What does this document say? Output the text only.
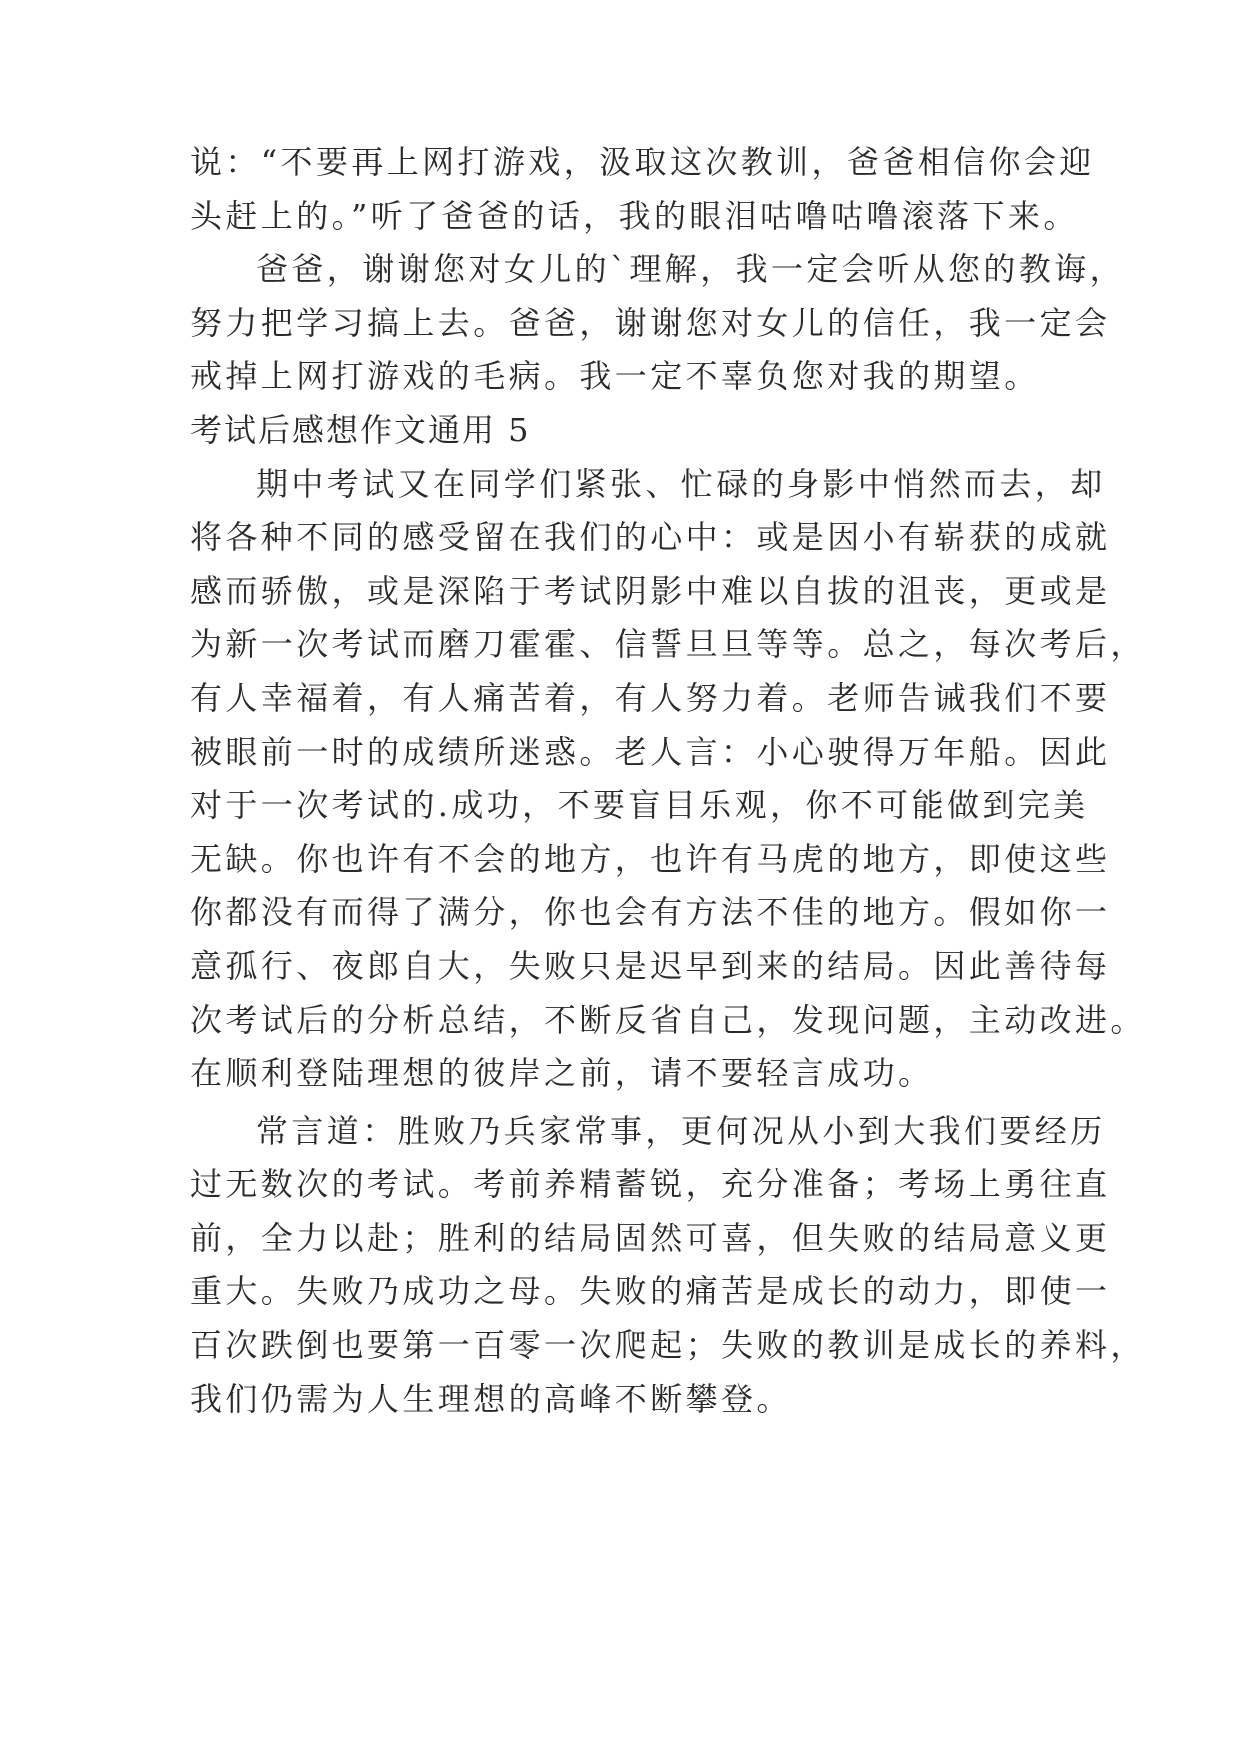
说：“不要再上网打游戏，汲取这次教训，爸爸相信你会迎
头赶上的。”听了爸爸的话，我的眼泪咕噜咕噜滚落下来。
爸爸，谢谢您对女儿的`理解，我一定会听从您的教诲，
努力把学习搞上去。爸爸，谢谢您对女儿的信任，我一定会
戒掉上网打游戏的毛病。我一定不辜负您对我的期望。
考试后感想作文通用 5
期中考试又在同学们紧张、忙碌的身影中悄然而去，却
将各种不同的感受留在我们的心中：或是因小有崭获的成就
感而骄傲，或是深陷于考试阴影中难以自拔的沮丧，更或是
为新一次考试而磨刀霍霍、信誓旦旦等等。总之，每次考后，
有人幸福着，有人痛苦着，有人努力着。老师告诫我们不要
被眼前一时的成绩所迷惑。老人言：小心驶得万年船。因此
对于一次考试的.成功，不要盲目乐观，你不可能做到完美
无缺。你也许有不会的地方，也许有马虎的地方，即使这些
你都没有而得了满分，你也会有方法不佳的地方。假如你一
意孤行、夜郎自大，失败只是迟早到来的结局。因此善待每
次考试后的分析总结，不断反省自己，发现问题，主动改进。
在顺利登陆理想的彼岸之前，请不要轻言成功。
常言道：胜败乃兵家常事，更何况从小到大我们要经历
过无数次的考试。考前养精蓄锐，充分准备；考场上勇往直
前，全力以赴；胜利的结局固然可喜，但失败的结局意义更
重大。失败乃成功之母。失败的痛苦是成长的动力，即使一
百次跌倒也要第一百零一次爬起；失败的教训是成长的养料，
我们仍需为人生理想的高峰不断攀登。
